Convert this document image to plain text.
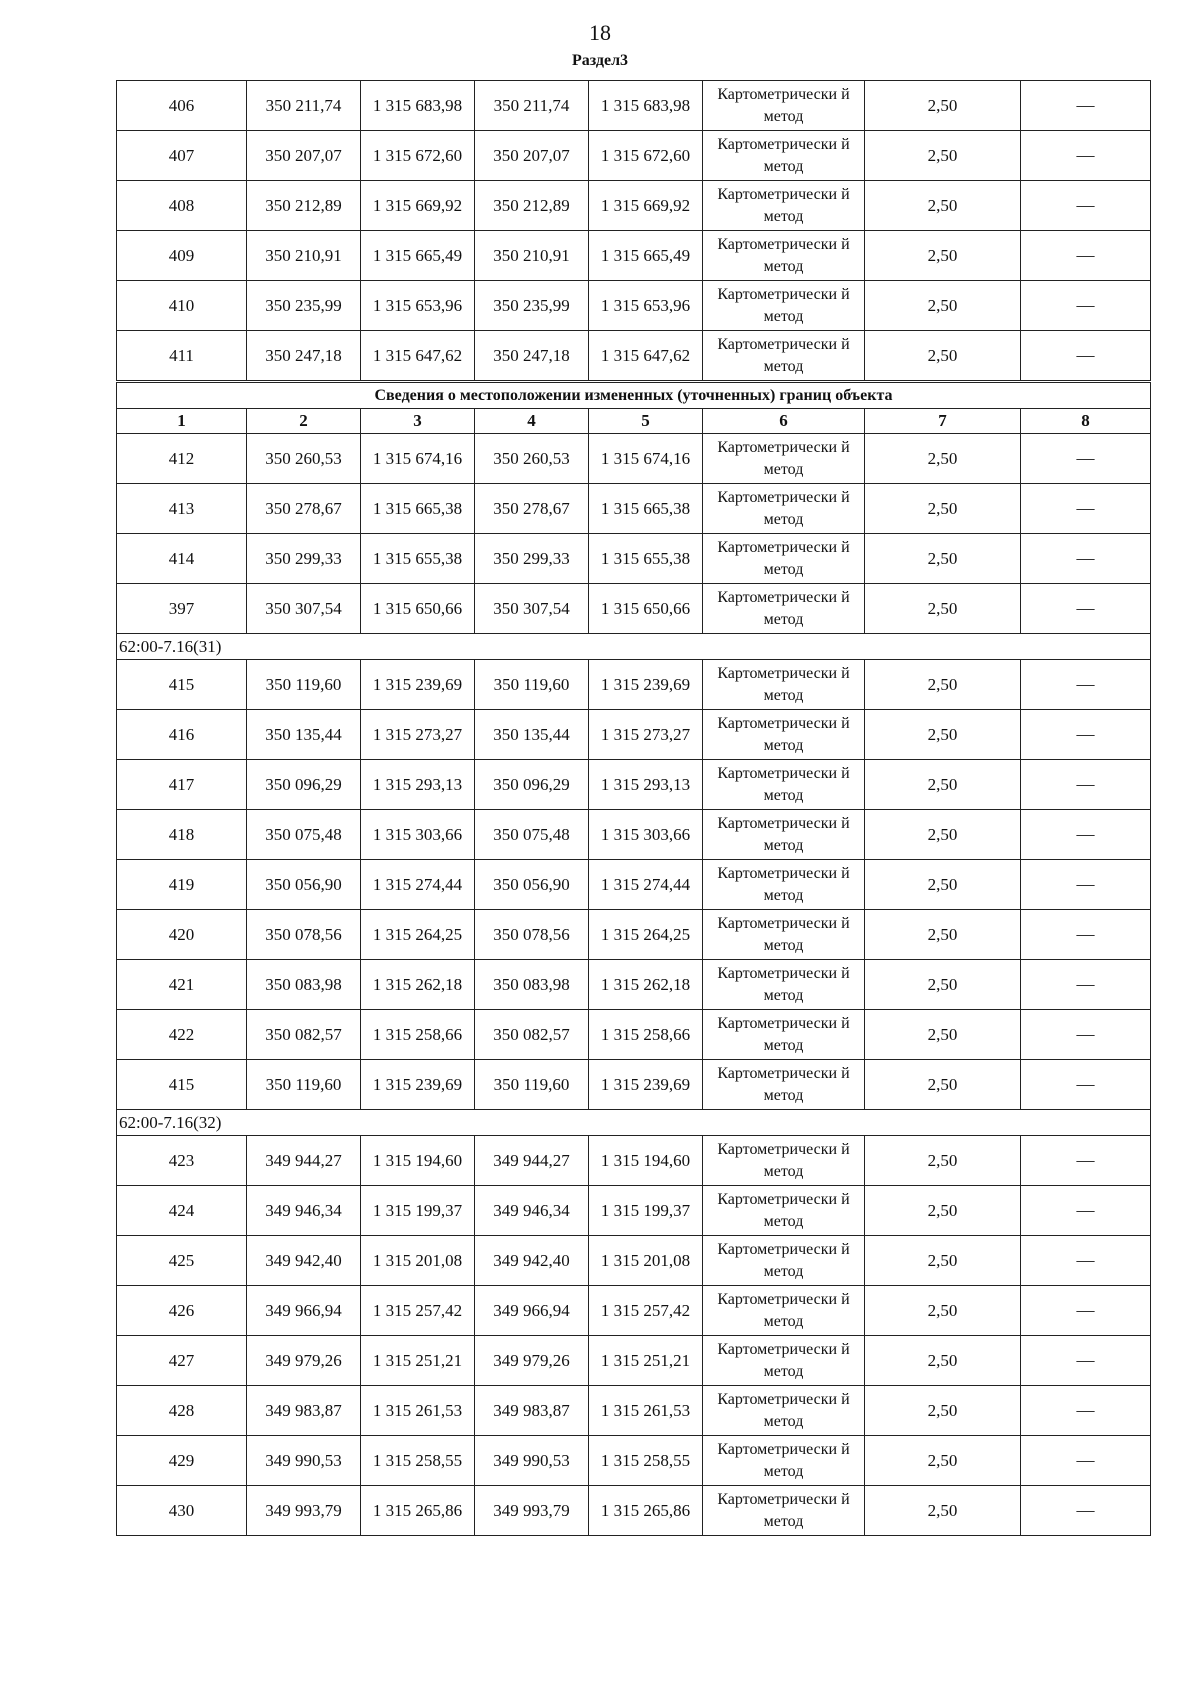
18
Раздел3
406	350 211,74	1 315 683,98	350 211,74	1 315 683,98	Картометрически й метод	2,50	—
407	350 207,07	1 315 672,60	350 207,07	1 315 672,60	Картометрически й метод	2,50	—
408	350 212,89	1 315 669,92	350 212,89	1 315 669,92	Картометрически й метод	2,50	—
409	350 210,91	1 315 665,49	350 210,91	1 315 665,49	Картометрически й метод	2,50	—
410	350 235,99	1 315 653,96	350 235,99	1 315 653,96	Картометрически й метод	2,50	—
411	350 247,18	1 315 647,62	350 247,18	1 315 647,62	Картометрически й метод	2,50	—
Сведения о местоположении измененных (уточненных) границ объекта							
1	2	3	4	5	6	7	8
412	350 260,53	1 315 674,16	350 260,53	1 315 674,16	Картометрически й метод	2,50	—
413	350 278,67	1 315 665,38	350 278,67	1 315 665,38	Картометрически й метод	2,50	—
414	350 299,33	1 315 655,38	350 299,33	1 315 655,38	Картометрически й метод	2,50	—
397	350 307,54	1 315 650,66	350 307,54	1 315 650,66	Картометрически й метод	2,50	—
62:00-7.16(31)							
415	350 119,60	1 315 239,69	350 119,60	1 315 239,69	Картометрически й метод	2,50	—
416	350 135,44	1 315 273,27	350 135,44	1 315 273,27	Картометрически й метод	2,50	—
417	350 096,29	1 315 293,13	350 096,29	1 315 293,13	Картометрически й метод	2,50	—
418	350 075,48	1 315 303,66	350 075,48	1 315 303,66	Картометрически й метод	2,50	—
419	350 056,90	1 315 274,44	350 056,90	1 315 274,44	Картометрически й метод	2,50	—
420	350 078,56	1 315 264,25	350 078,56	1 315 264,25	Картометрически й метод	2,50	—
421	350 083,98	1 315 262,18	350 083,98	1 315 262,18	Картометрически й метод	2,50	—
422	350 082,57	1 315 258,66	350 082,57	1 315 258,66	Картометрически й метод	2,50	—
415	350 119,60	1 315 239,69	350 119,60	1 315 239,69	Картометрически й метод	2,50	—
62:00-7.16(32)							
423	349 944,27	1 315 194,60	349 944,27	1 315 194,60	Картометрически й метод	2,50	—
424	349 946,34	1 315 199,37	349 946,34	1 315 199,37	Картометрически й метод	2,50	—
425	349 942,40	1 315 201,08	349 942,40	1 315 201,08	Картометрически й метод	2,50	—
426	349 966,94	1 315 257,42	349 966,94	1 315 257,42	Картометрически й метод	2,50	—
427	349 979,26	1 315 251,21	349 979,26	1 315 251,21	Картометрически й метод	2,50	—
428	349 983,87	1 315 261,53	349 983,87	1 315 261,53	Картометрически й метод	2,50	—
429	349 990,53	1 315 258,55	349 990,53	1 315 258,55	Картометрически й метод	2,50	—
430	349 993,79	1 315 265,86	349 993,79	1 315 265,86	Картометрически й метод	2,50	—
